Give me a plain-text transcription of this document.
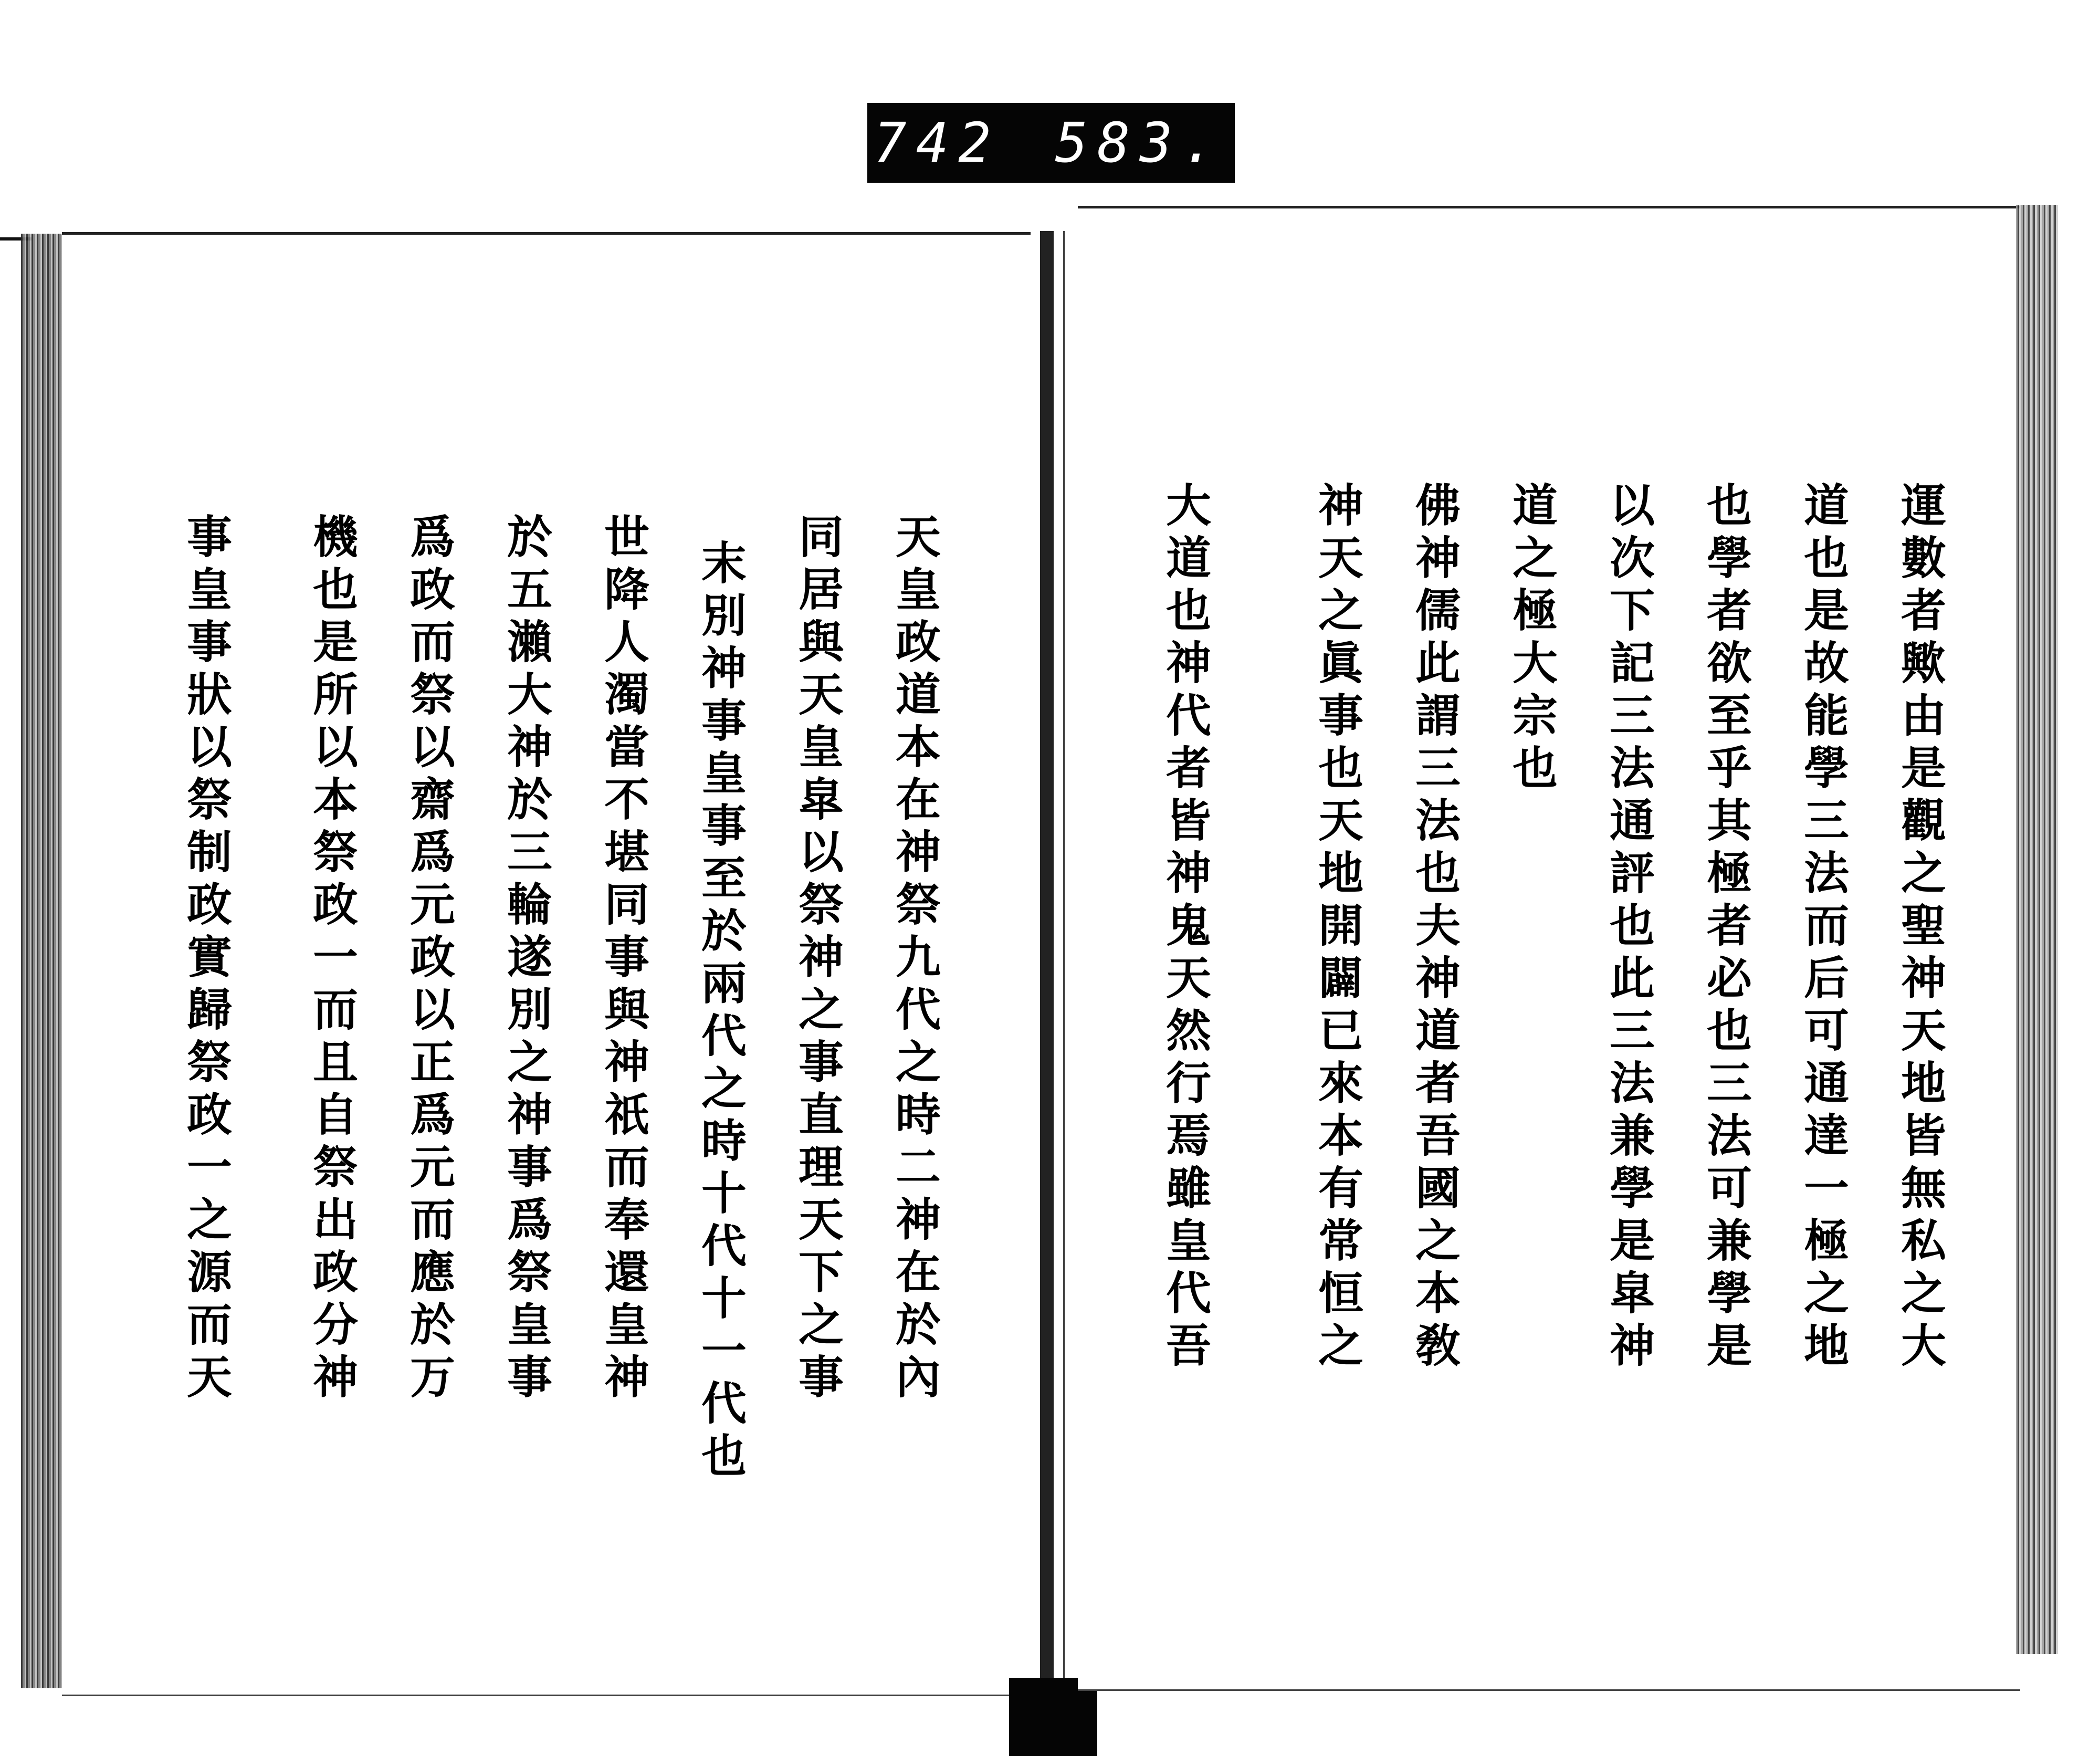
742 583.
天皇政道本在神祭九代之時二神在於內
同居與天皇皐以祭神之事直理天下之事
末別神事皇事至於兩代之時十代十一代也
世降人濁當不堪同事與神祇而奉還皇神
於五瀨大神於三輪遂別之神事爲祭皇事
爲政而祭以齋爲元政以正爲元而應於万
機也是所以本祭政一而且自祭出政分神
事皇事狀以祭制政實歸祭政一之源而天	運數者歟由是觀之聖神天地皆無私之大
道也是故能學三法而后可通達一極之地
也學者欲至乎其極者必也三法可兼學是
以次下記三法通評也此三法兼學是皐神
道之極大宗也
佛神儒此謂三法也夫神道者吾國之本敎
神天之眞事也天地開闢已來本有常恒之
大道也神代者皆神鬼天然行焉雖皇代吾
